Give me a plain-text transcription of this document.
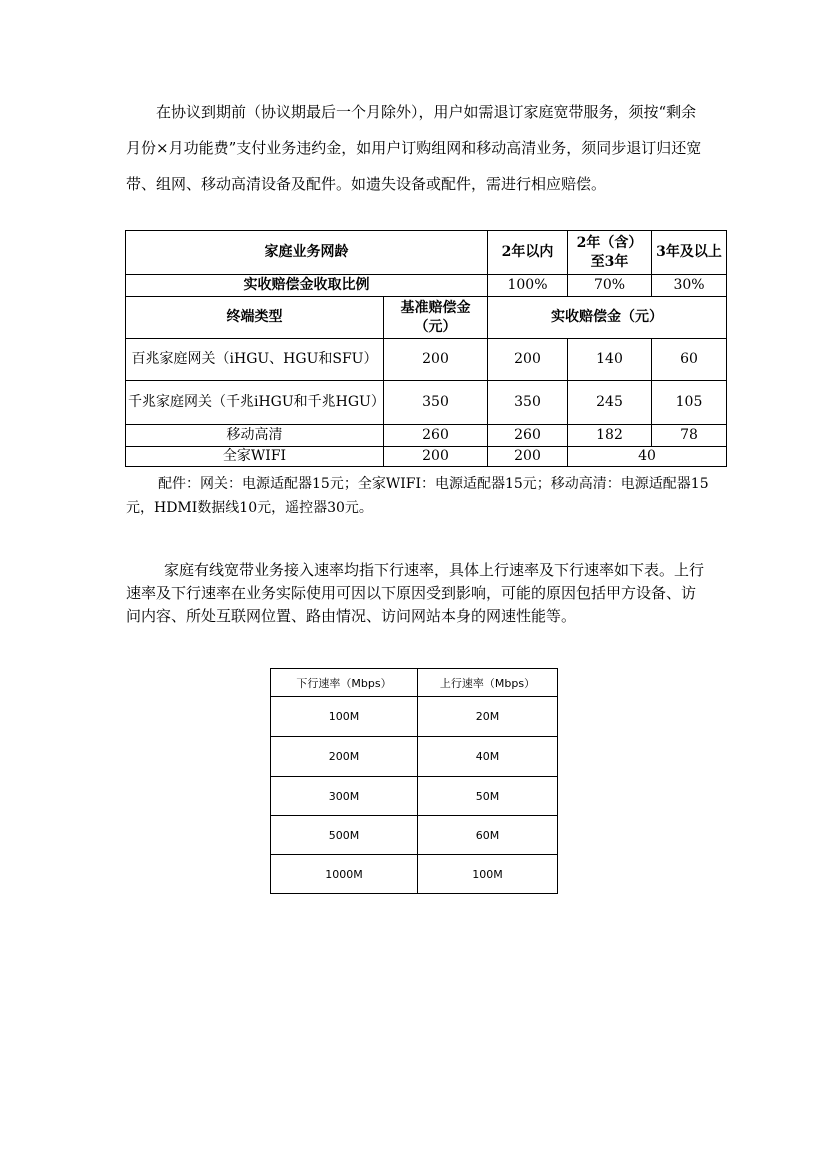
在协议到期前（协议期最后一个月除外），用户如需退订家庭宽带服务，须按“剩余月份×月功能费”支付业务违约金，如用户订购组网和移动高清业务，须同步退订归还宽带、组网、移动高清设备及配件。如遗失设备或配件，需进行相应赔偿。

家庭业务网龄		2年以内	2年（含）至3年	3年及以上
实收赔偿金收取比例		100%	70%	30%
终端类型	基准赔偿金（元）	实收赔偿金（元）		
百兆家庭网关（iHGU、HGU和SFU）	200	200	140	60
千兆家庭网关（千兆iHGU和千兆HGU）	350	350	245	105
移动高清	260	260	182	78
全家WIFI	200	200	40	

配件：网关：电源适配器15元；全家WIFI：电源适配器15元；移动高清：电源适配器15元，HDMI数据线10元，遥控器30元。

家庭有线宽带业务接入速率均指下行速率，具体上行速率及下行速率如下表。上行速率及下行速率在业务实际使用可因以下原因受到影响，可能的原因包括甲方设备、访问内容、所处互联网位置、路由情况、访问网站本身的网速性能等。

下行速率（Mbps）	上行速率（Mbps）
100M	20M
200M	40M
300M	50M
500M	60M
1000M	100M
